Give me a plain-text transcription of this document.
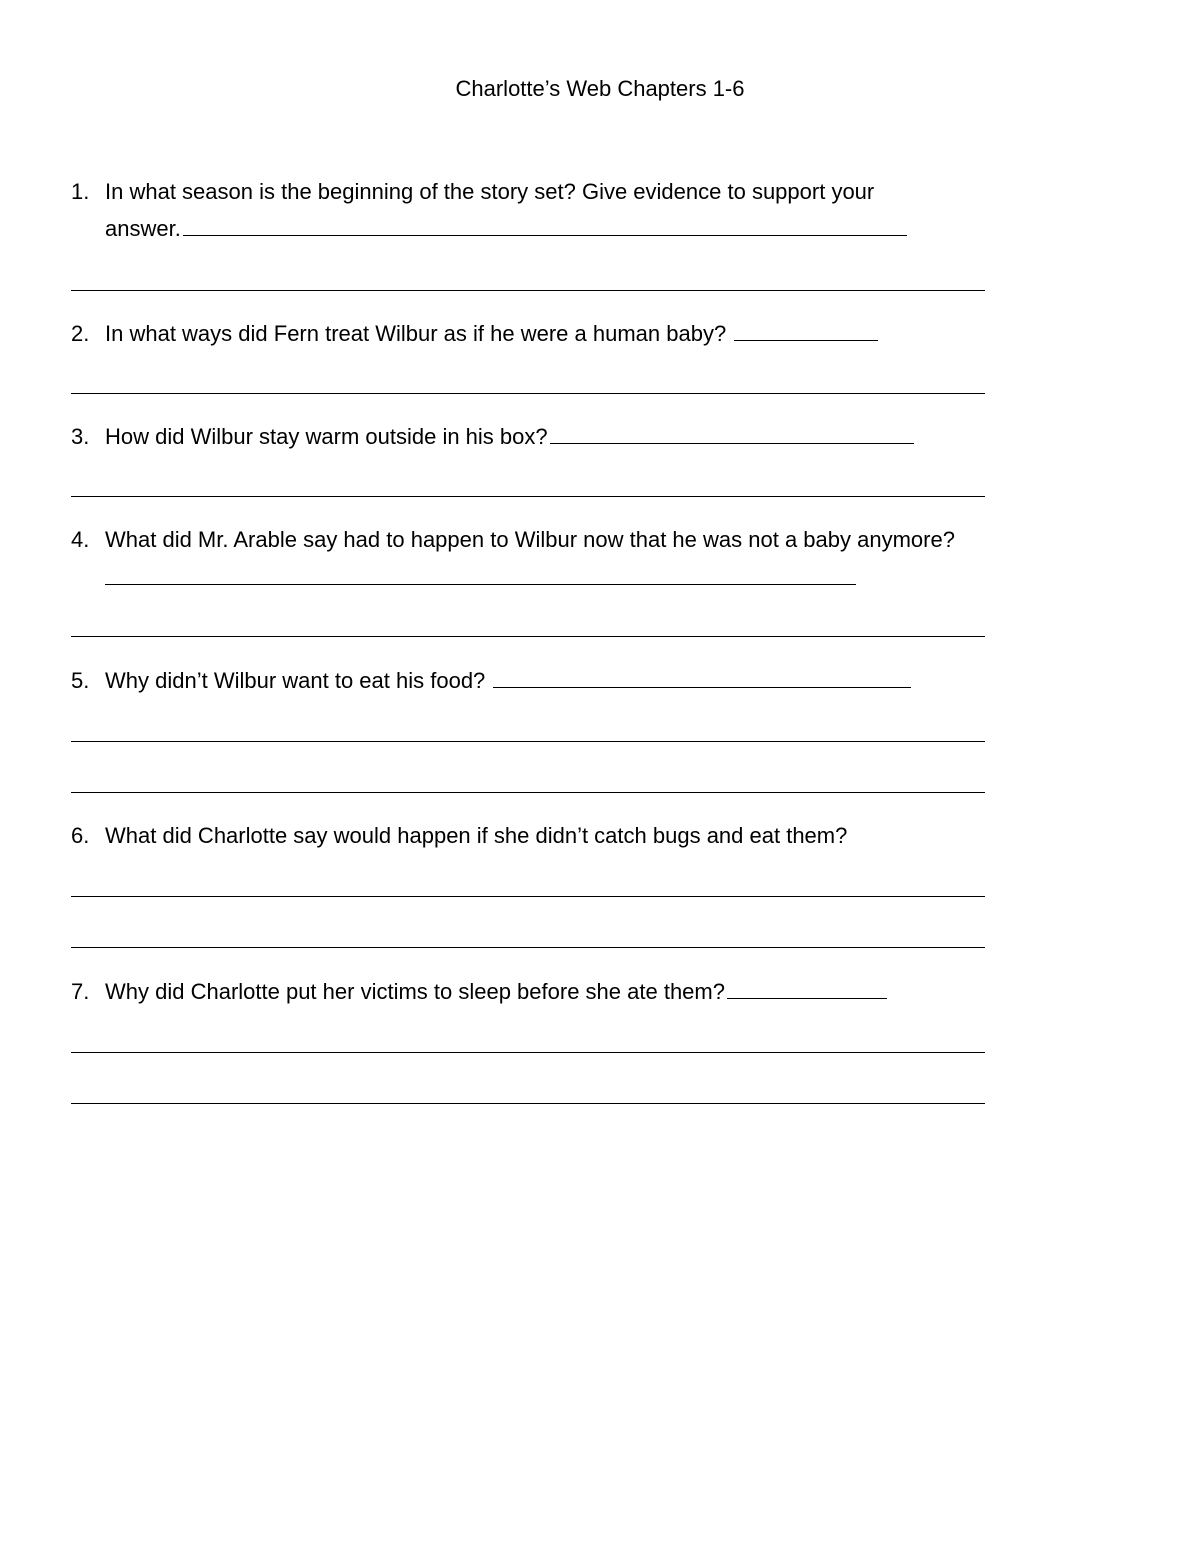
Charlotte’s Web Chapters 1-6
1. In what season is the beginning of the story set? Give evidence to support your
answer.
2. In what ways did Fern treat Wilbur as if he were a human baby?
3. How did Wilbur stay warm outside in his box?
4. What did Mr. Arable say had to happen to Wilbur now that he was not a baby anymore?
5. Why didn’t Wilbur want to eat his food?
6. What did Charlotte say would happen if she didn’t catch bugs and eat them?
7. Why did Charlotte put her victims to sleep before she ate them?
